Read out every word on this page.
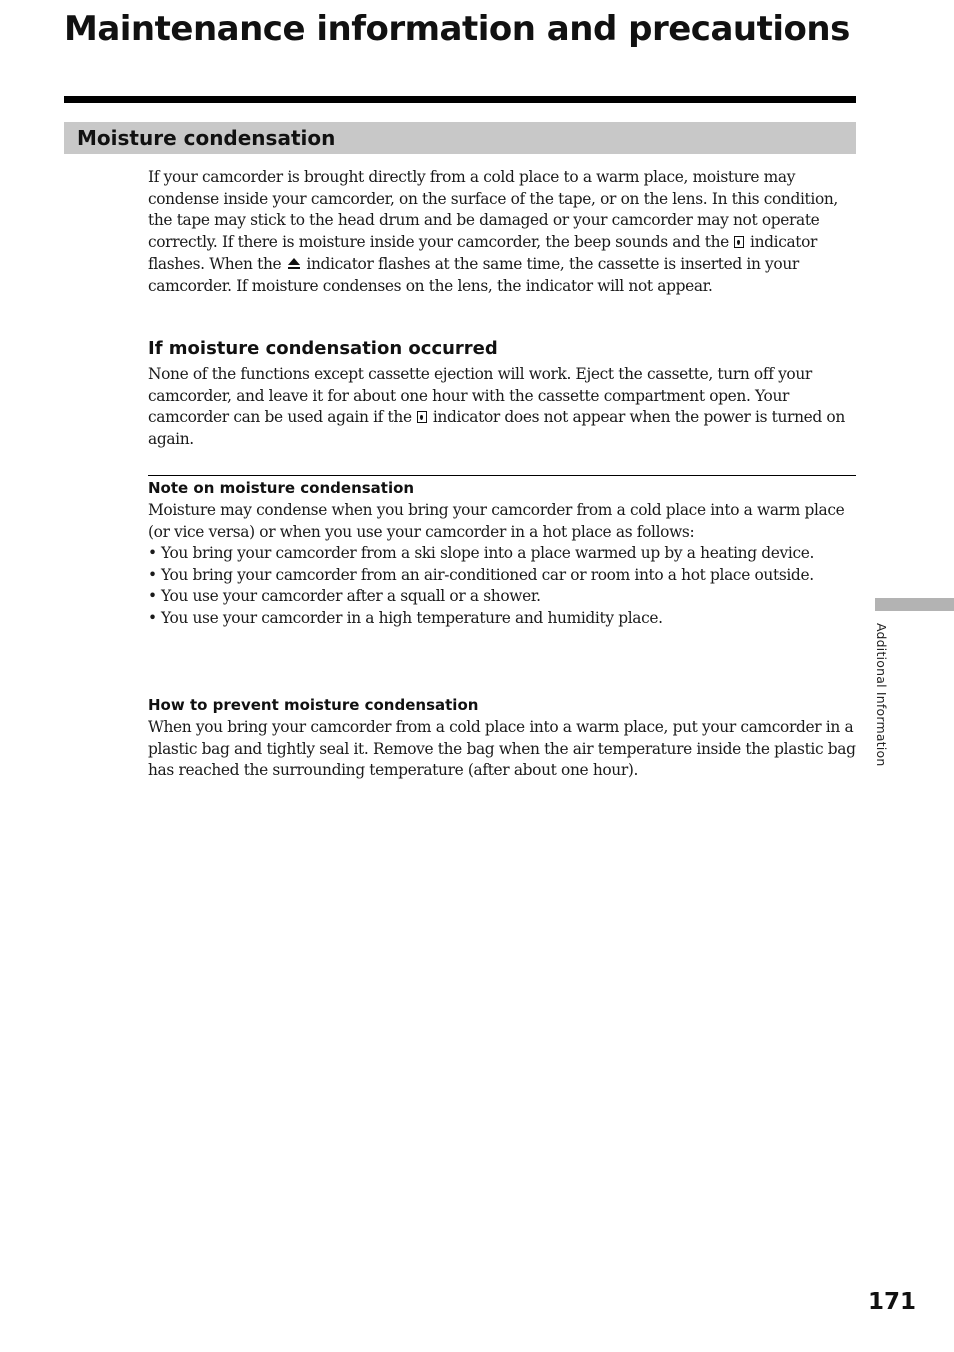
Maintenance information and precautions
Moisture condensation

If your camcorder is brought directly from a cold place to a warm place, moisture may condense inside your camcorder, on the surface of the tape, or on the lens. In this condition, the tape may stick to the head drum and be damaged or your camcorder may not operate correctly. If there is moisture inside your camcorder, the beep sounds and the indicator flashes. When the indicator flashes at the same time, the cassette is inserted in your camcorder. If moisture condenses on the lens, the indicator will not appear.

If moisture condensation occurred

None of the functions except cassette ejection will work. Eject the cassette, turn off your camcorder, and leave it for about one hour with the cassette compartment open. Your camcorder can be used again if the indicator does not appear when the power is turned on again.

Note on moisture condensation

Moisture may condense when you bring your camcorder from a cold place into a warm place (or vice versa) or when you use your camcorder in a hot place as follows:

• You bring your camcorder from a ski slope into a place warmed up by a heating device.
• You bring your camcorder from an air-conditioned car or room into a hot place outside.
• You use your camcorder after a squall or a shower.
• You use your camcorder in a high temperature and humidity place.
How to prevent moisture condensation

When you bring your camcorder from a cold place into a warm place, put your camcorder in a plastic bag and tightly seal it. Remove the bag when the air temperature inside the plastic bag has reached the surrounding temperature (after about one hour).

Additional Information
171
